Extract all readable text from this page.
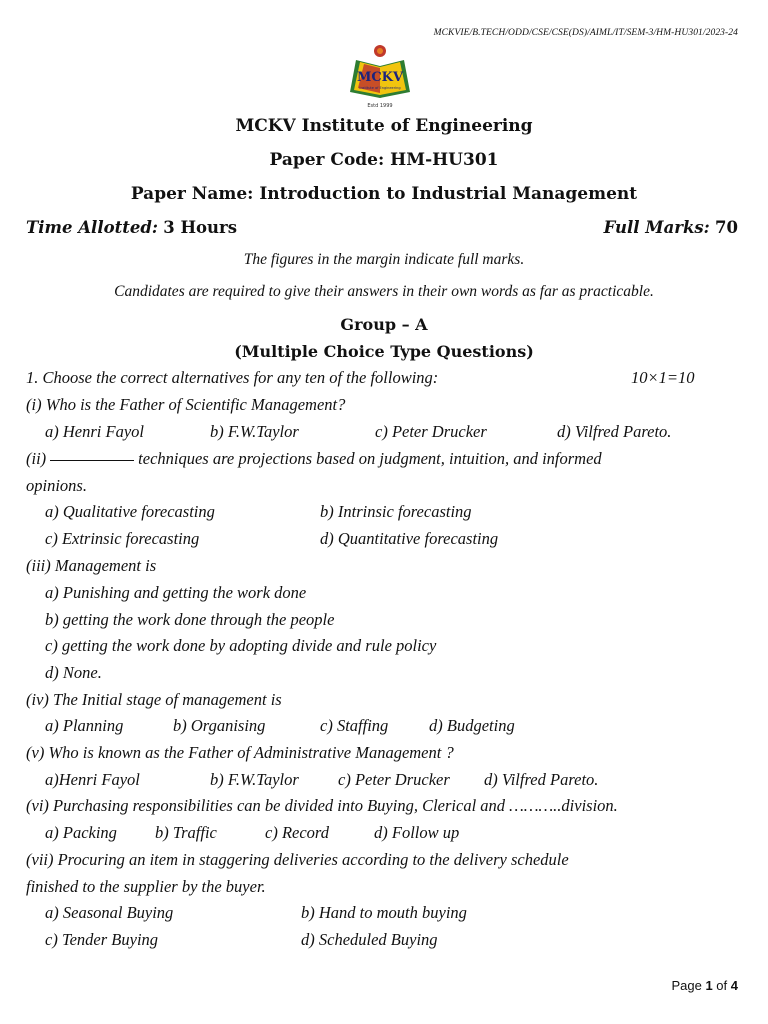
MCKVIE/B.TECH/ODD/CSE/CSE(DS)/AIML/IT/SEM-3/HM-HU301/2023-24
MCKV
Institute of Engineering
Estd 1999
MCKV Institute of Engineering
Paper Code: HM-HU301
Paper Name: Introduction to Industrial Management
Time Allotted: 3 Hours	Full Marks: 70
The figures in the margin indicate full marks.
Candidates are required to give their answers in their own words as far as practicable.
Group – A
(Multiple Choice Type Questions)
1. Choose the correct alternatives for any ten of the following:	10×1=10
(i) Who is the Father of Scientific Management?
a) Henri Fayol	b) F.W.Taylor	c) Peter Drucker	d) Vilfred Pareto.
(ii)	techniques are projections based on judgment, intuition, and informed
opinions.
a) Qualitative forecasting	b) Intrinsic forecasting
c) Extrinsic forecasting	d) Quantitative forecasting
(iii) Management is
a) Punishing and getting the work done
b) getting the work done through the people
c) getting the work done by adopting divide and rule policy
d) None.
(iv) The Initial stage of management is
a) Planning	b) Organising	c) Staffing d) Budgeting
(v) Who is known as the Father of Administrative Management ?
a)Henri Fayol	b) F.W.Taylor c) Peter Drucker d) Vilfred Pareto.
(vi) Purchasing responsibilities can be divided into Buying, Clerical and ………..division.
a) Packing b) Traffic	c) Record	d) Follow up
(vii) Procuring an item in staggering deliveries according to the delivery schedule
finished to the supplier by the buyer.
a) Seasonal Buying	b) Hand to mouth buying
c) Tender Buying	d) Scheduled Buying
Page 1 of 4
